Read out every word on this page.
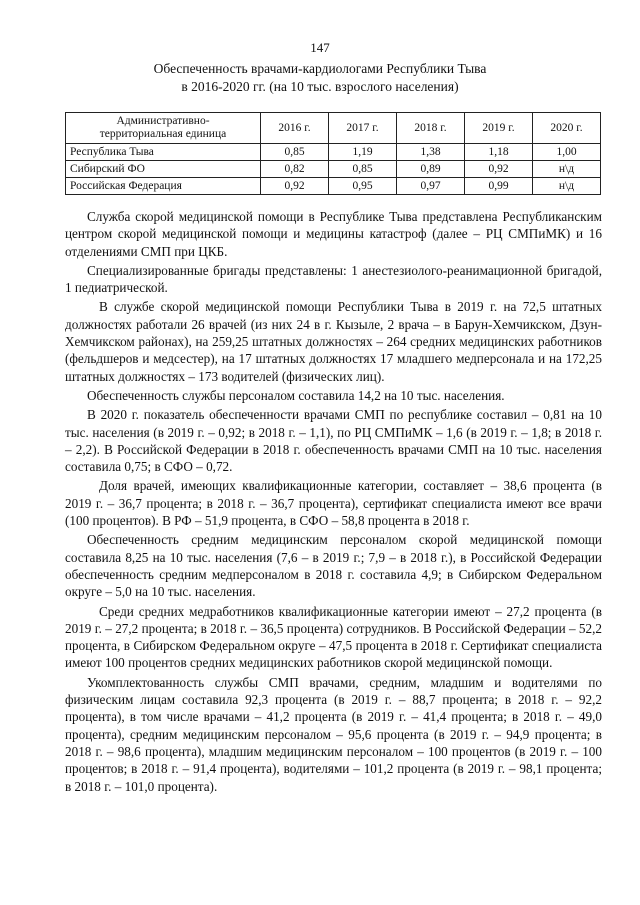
147
Обеспеченность врачами-кардиологами Республики Тыва
в 2016-2020 гг. (на 10 тыс. взрослого населения)
Административно-
территориальная единица	2016 г.	2017 г.	2018 г.	2019 г.	2020 г.
Республика Тыва	0,85	1,19	1,38	1,18	1,00
Сибирский ФО	0,82	0,85	0,89	0,92	н\д
Российская Федерация	0,92	0,95	0,97	0,99	н\д

Служба скорой медицинской помощи в Республике Тыва представлена Республиканским центром скорой медицинской помощи и медицины катастроф (далее – РЦ СМПиМК) и 16 отделениями СМП при ЦКБ.

Специализированные бригады представлены: 1 анестезиолого-реанимационной бригадой, 1 педиатрической.

В службе скорой медицинской помощи Республики Тыва в 2019 г. на 72,5 штатных должностях работали 26 врачей (из них 24 в г. Кызыле, 2 врача – в Барун-Хемчикском, Дзун-Хемчикском районах), на 259,25 штатных должностях – 264 средних медицинских работников (фельдшеров и медсестер), на 17 штатных должностях 17 младшего медперсонала и на 172,25 штатных должностях – 173 водителей (физических лиц).

Обеспеченность службы персоналом составила 14,2 на 10 тыс. населения.

В 2020 г. показатель обеспеченности врачами СМП по республике составил – 0,81 на 10 тыс. населения (в 2019 г. – 0,92; в 2018 г. – 1,1), по РЦ СМПиМК – 1,6 (в 2019 г. – 1,8; в 2018 г. – 2,2). В Российской Федерации в 2018 г. обеспеченность врачами СМП на 10 тыс. населения составила 0,75; в СФО – 0,72.

Доля врачей, имеющих квалификационные категории, составляет – 38,6 процента (в 2019 г. – 36,7 процента; в 2018 г. – 36,7 процента), сертификат специалиста имеют все врачи (100 процентов). В РФ – 51,9 процента, в СФО – 58,8 процента в 2018 г.

Обеспеченность средним медицинским персоналом скорой медицинской помощи составила 8,25 на 10 тыс. населения (7,6 – в 2019 г.; 7,9 – в 2018 г.), в Российской Федерации обеспеченность средним медперсоналом в 2018 г. составила 4,9; в Сибирском Федеральном округе – 5,0 на 10 тыс. населения.

Среди средних медработников квалификационные категории имеют – 27,2 процента (в 2019 г. – 27,2 процента; в 2018 г. – 36,5 процента) сотрудников. В Российской Федерации – 52,2 процента, в Сибирском Федеральном округе – 47,5 процента в 2018 г. Сертификат специалиста имеют 100 процентов средних медицинских работников скорой медицинской помощи.

Укомплектованность службы СМП врачами, средним, младшим и водителями по физическим лицам составила 92,3 процента (в 2019 г. – 88,7 процента; в 2018 г. – 92,2 процента), в том числе врачами – 41,2 процента (в 2019 г. – 41,4 процента; в 2018 г. – 49,0 процента), средним медицинским персоналом – 95,6 процента (в 2019 г. – 94,9 процента; в 2018 г. – 98,6 процента), младшим медицинским персоналом – 100 процентов (в 2019 г. – 100 процентов; в 2018 г. – 91,4 процента), водителями – 101,2 процента (в 2019 г. – 98,1 процента; в 2018 г. – 101,0 процента).
